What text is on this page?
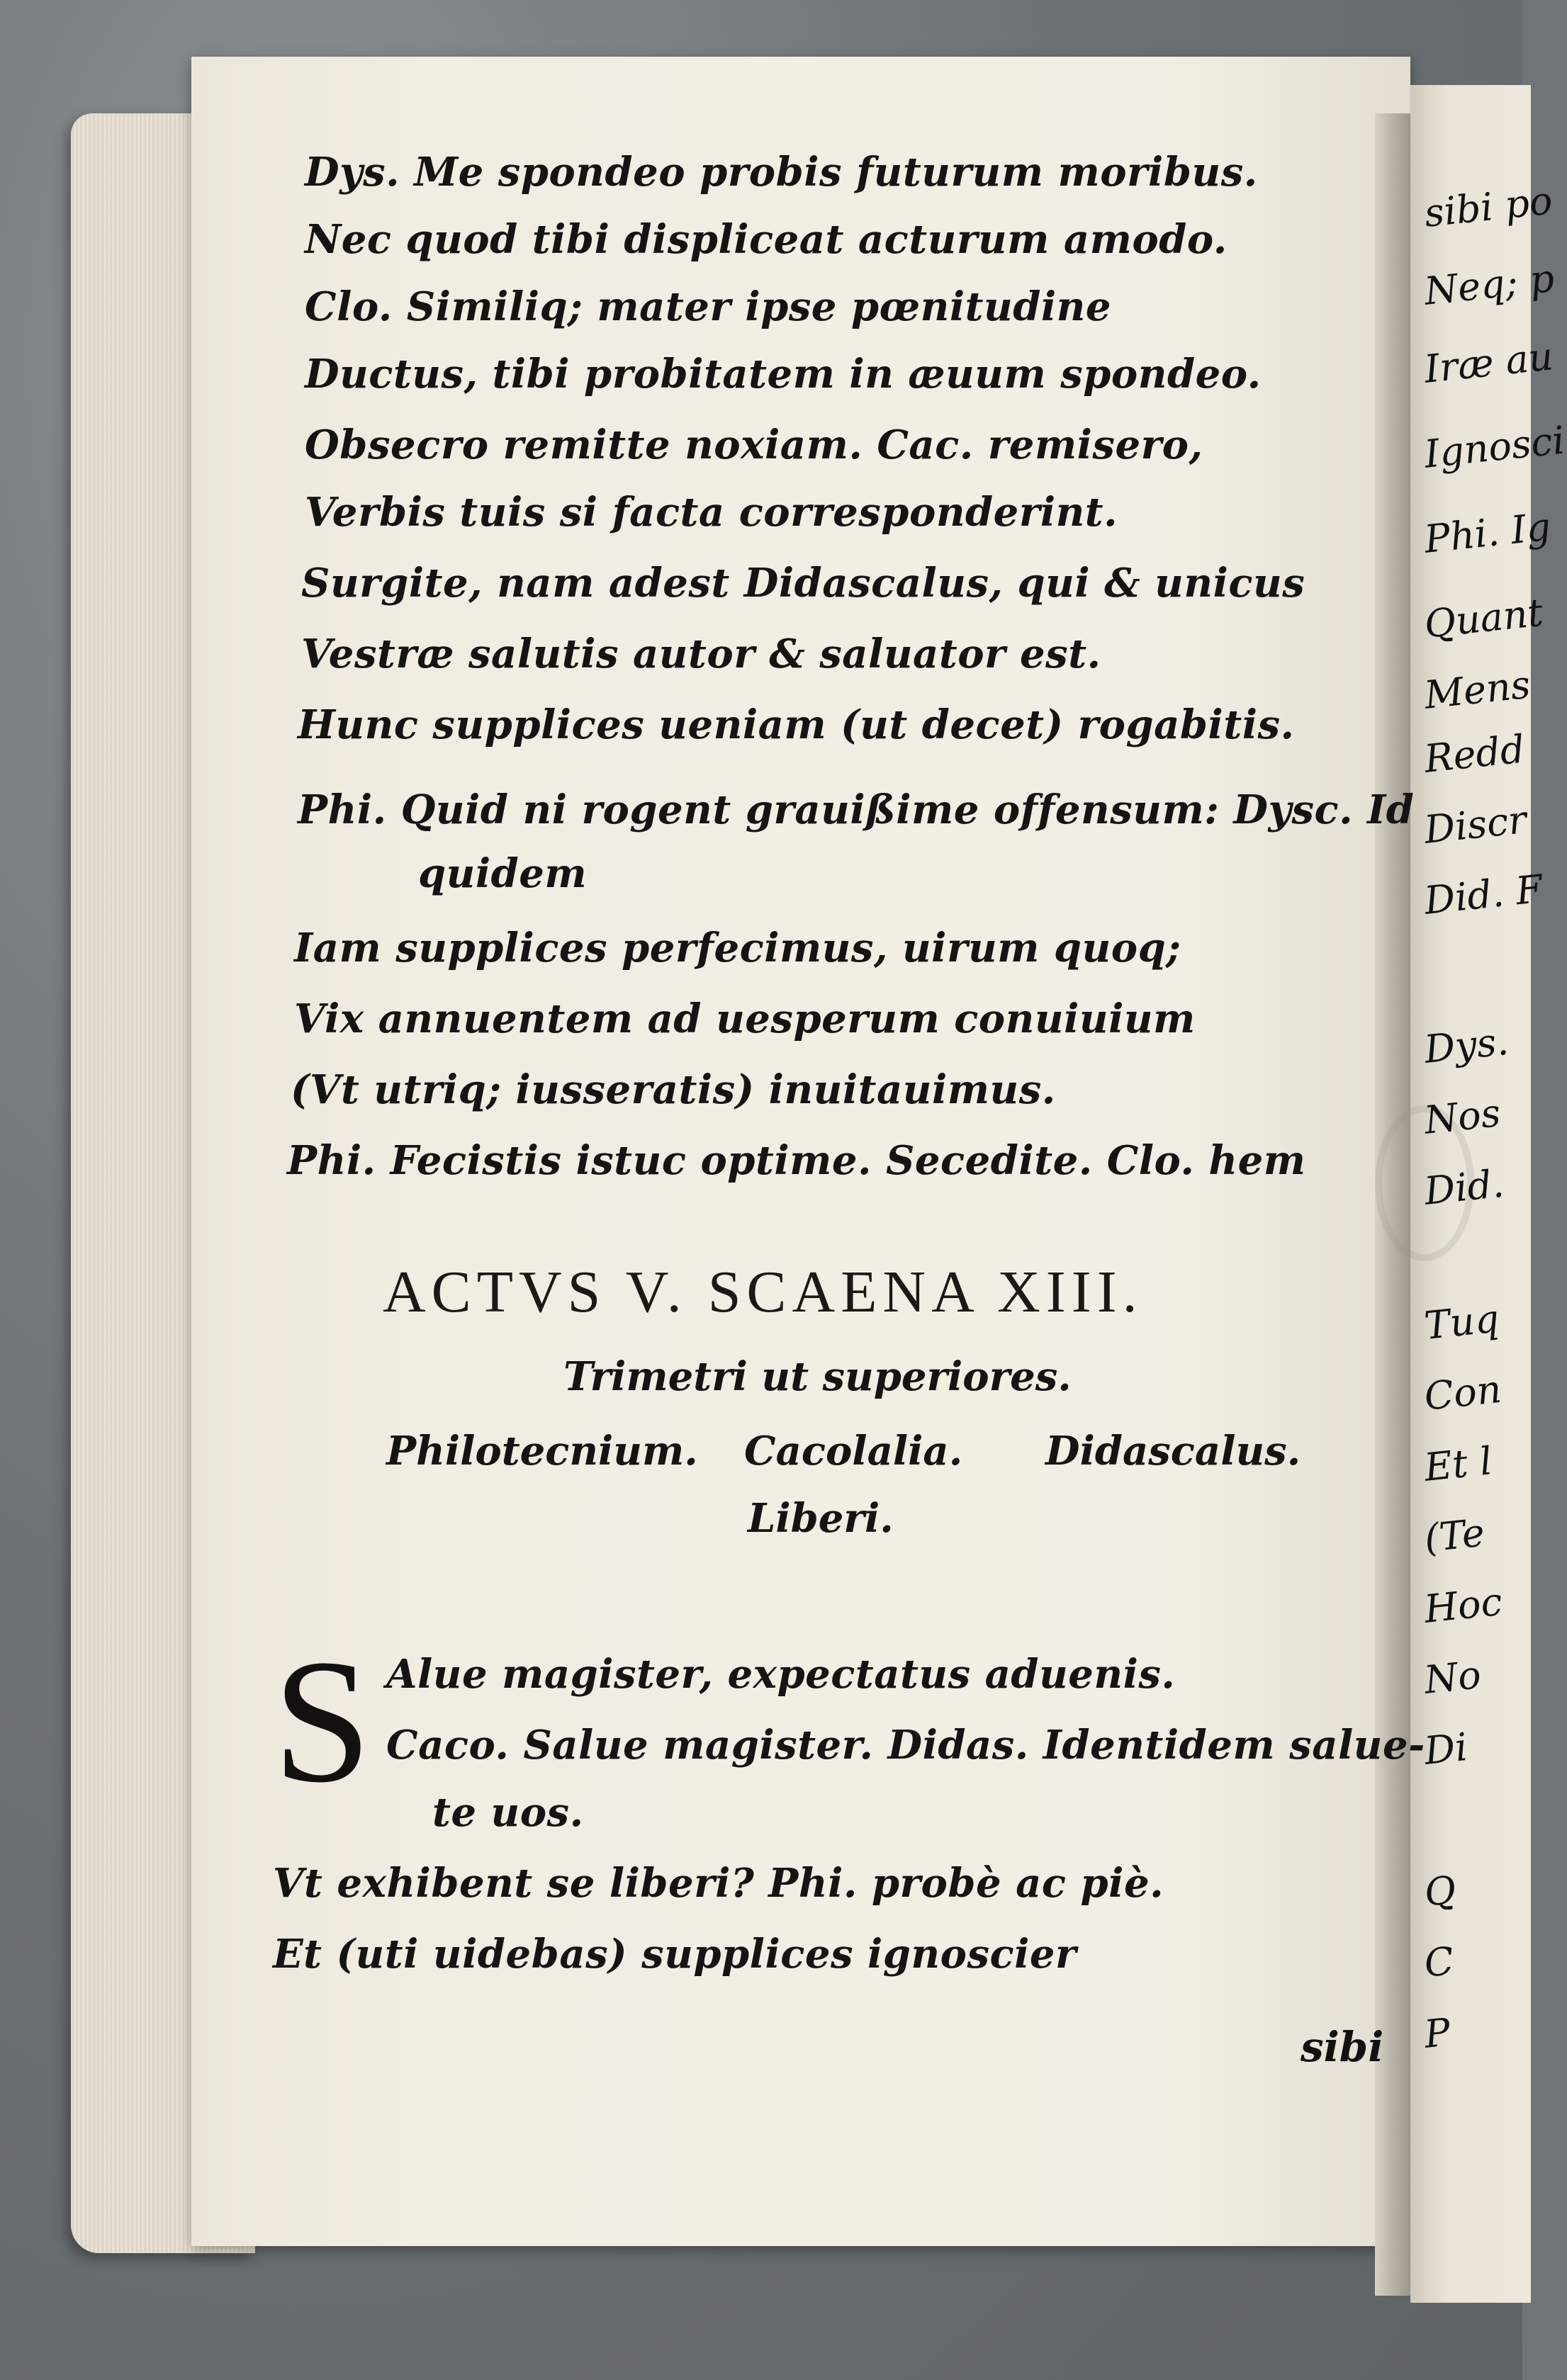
sibi po
Neq; p
Iræ au
Ignosci
Phi. Ig
Quant
Mens
Redd
Discr
Did. F
Dys.
Nos
Did.
Tuq
Con
Et l
(Te
Hoc
No
Di
Q
C
P
Dys. Me spondeo probis futurum moribus.
Nec quod tibi displiceat acturum amodo.
Clo. Similiq; mater ipse pœnitudine
Ductus, tibi probitatem in æuum spondeo.
Obsecro remitte noxiam. Cac. remisero,
Verbis tuis si facta corresponderint.
Surgite, nam adest Didascalus, qui & unicus
Vestræ salutis autor & saluator est.
Hunc supplices ueniam (ut decet) rogabitis.
Phi. Quid ni rogent grauißime offensum: Dysc. Id
quidem
Iam supplices perfecimus, uirum quoq;
Vix annuentem ad uesperum conuiuium
(Vt utriq; iusseratis) inuitauimus.
Phi. Fecistis istuc optime. Secedite. Clo. hem
ACTVS V. SCAENA XIII.
Trimetri ut superiores.
Philotecnium. Cacolalia. Didascalus.
Liberi.
S Alue magister, expectatus aduenis.
Caco. Salue magister. Didas. Identidem salue-
te uos.
Vt exhibent se liberi? Phi. probè ac piè.
Et (uti uidebas) supplices ignoscier
sibi
